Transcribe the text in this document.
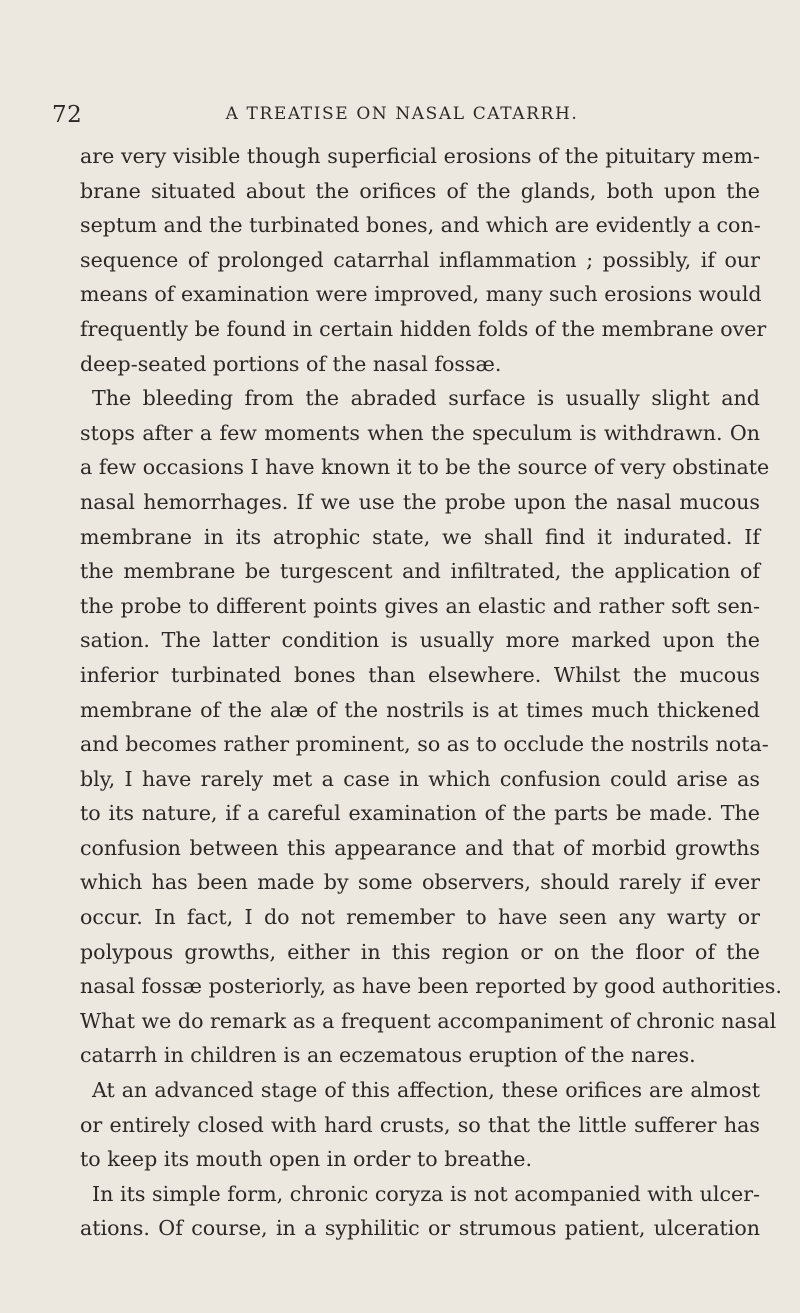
72	A TREATISE ON NASAL CATARRH.
are very visible though superficial erosions of the pituitary mem-
brane situated about the orifices of the glands, both upon the
septum and the turbinated bones, and which are evidently a con-
sequence of prolonged catarrhal inflammation ; possibly, if our
means of examination were improved, many such erosions would
frequently be found in certain hidden folds of the membrane over
deep-seated portions of the nasal fossæ.
The bleeding from the abraded surface is usually slight and
stops after a few moments when the speculum is withdrawn. On
a few occasions I have known it to be the source of very obstinate
nasal hemorrhages. If we use the probe upon the nasal mucous
membrane in its atrophic state, we shall find it indurated. If
the membrane be turgescent and infiltrated, the application of
the probe to different points gives an elastic and rather soft sen-
sation. The latter condition is usually more marked upon the
inferior turbinated bones than elsewhere. Whilst the mucous
membrane of the alæ of the nostrils is at times much thickened
and becomes rather prominent, so as to occlude the nostrils nota-
bly, I have rarely met a case in which confusion could arise as
to its nature, if a careful examination of the parts be made. The
confusion between this appearance and that of morbid growths
which has been made by some observers, should rarely if ever
occur. In fact, I do not remember to have seen any warty or
polypous growths, either in this region or on the floor of the
nasal fossæ posteriorly, as have been reported by good authorities.
What we do remark as a frequent accompaniment of chronic nasal
catarrh in children is an eczematous eruption of the nares.
At an advanced stage of this affection, these orifices are almost
or entirely closed with hard crusts, so that the little sufferer has
to keep its mouth open in order to breathe.
In its simple form, chronic coryza is not acompanied with ulcer-
ations. Of course, in a syphilitic or strumous patient, ulceration
